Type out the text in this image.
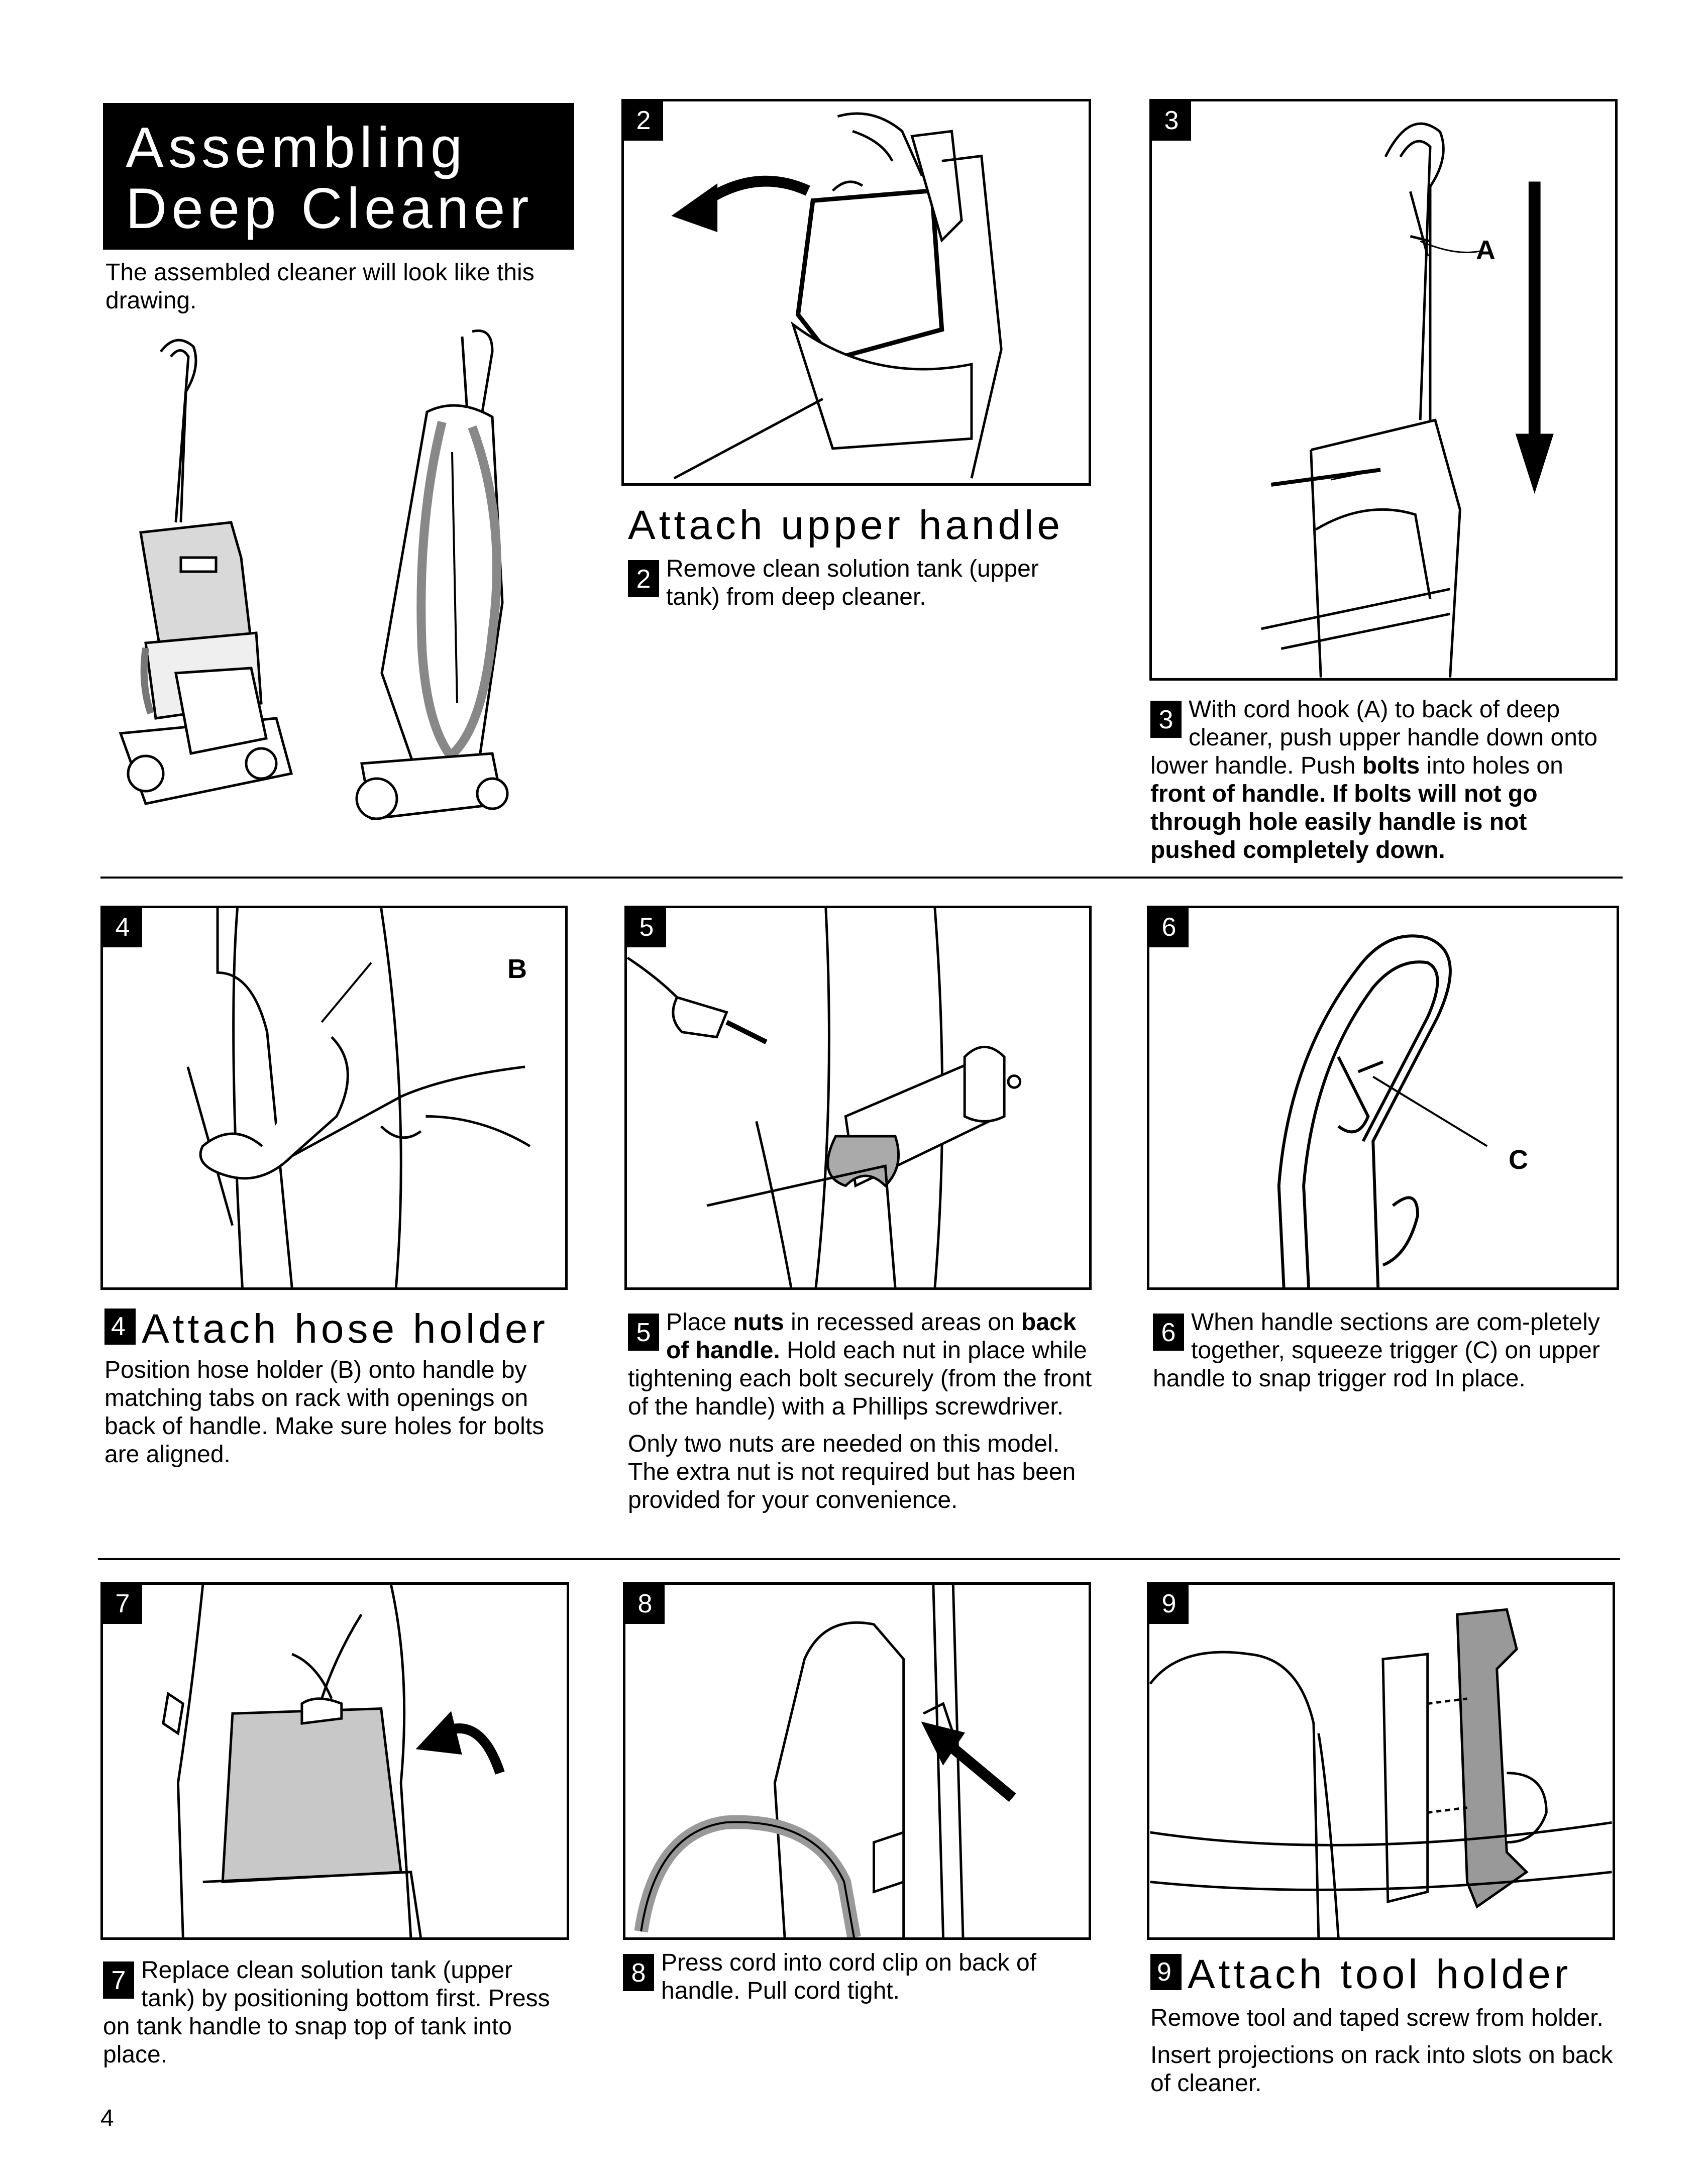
Assembling
Deep Cleaner
The assembled cleaner will look like this drawing.
2
Attach upper handle
2 Remove clean solution tank (upper tank) from deep cleaner.
3
A
3 With cord hook (A) to back of deep cleaner, push upper handle down onto lower handle. Push bolts into holes on front of handle. If bolts will not go through hole easily handle is not pushed completely down.
4
B
4 Attach hose holder
Position hose holder (B) onto handle by matching tabs on rack with openings on back of handle. Make sure holes for bolts are aligned.
5

5 Place nuts in recessed areas on back of handle. Hold each nut in place while tightening each bolt securely (from the front of the handle) with a Phillips screwdriver.

Only two nuts are needed on this model. The extra nut is not required but has been provided for your convenience.

6
C
6 When handle sections are com-pletely together, squeeze trigger (C) on upper handle to snap trigger rod In place.
7
7 Replace clean solution tank (upper tank) by positioning bottom first. Press on tank handle to snap top of tank into place.
8
8 Press cord into cord clip on back of handle. Pull cord tight.
9
9 Attach tool holder

Remove tool and taped screw from holder.

Insert projections on rack into slots on back of cleaner.

4
